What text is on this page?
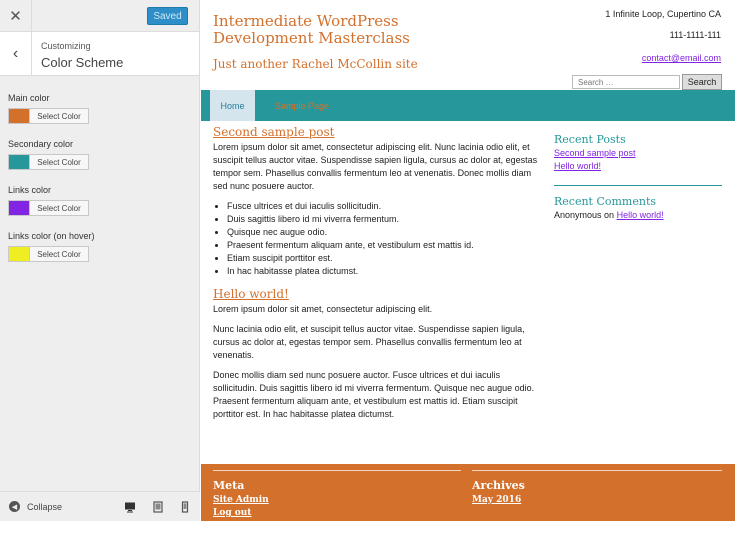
✕	Saved
‹	Customizing
Color Scheme
Main color
Select Color
Secondary color
Select Color
Links color
Select Color
Links color (on hover)
Select Color
◀	Collapse
Intermediate WordPress Development Masterclass
Just another Rachel McCollin site
1 Infinite Loop, Cupertino CA
111-1111-111
contact@email.com
Search …
Search
Home	Sample Page
Second sample post

Lorem ipsum dolor sit amet, consectetur adipiscing elit. Nunc lacinia odio elit, et suscipit tellus auctor vitae. Suspendisse sapien ligula, cursus ac dolor at, egestas tempor sem. Phasellus convallis fermentum leo at venenatis. Donec mollis diam sed nunc posuere auctor.

• Fusce ultrices et dui iaculis sollicitudin.
• Duis sagittis libero id mi viverra fermentum.
• Quisque nec augue odio.
• Praesent fermentum aliquam ante, et vestibulum est mattis id.
• Etiam suscipit porttitor est.
• In hac habitasse platea dictumst.
Hello world!

Lorem ipsum dolor sit amet, consectetur adipiscing elit.

Nunc lacinia odio elit, et suscipit tellus auctor vitae. Suspendisse sapien ligula, cursus ac dolor at, egestas tempor sem. Phasellus convallis fermentum leo at venenatis.

Donec mollis diam sed nunc posuere auctor. Fusce ultrices et dui iaculis sollicitudin. Duis sagittis libero id mi viverra fermentum. Quisque nec augue odio. Praesent fermentum aliquam ante, et vestibulum est mattis id. Etiam suscipit porttitor est. In hac habitasse platea dictumst.

Recent Posts
Second sample post
Hello world!
Recent Comments
Anonymous on Hello world!
Meta
Site Admin
Log out
Entries RSS
Archives
May 2016
